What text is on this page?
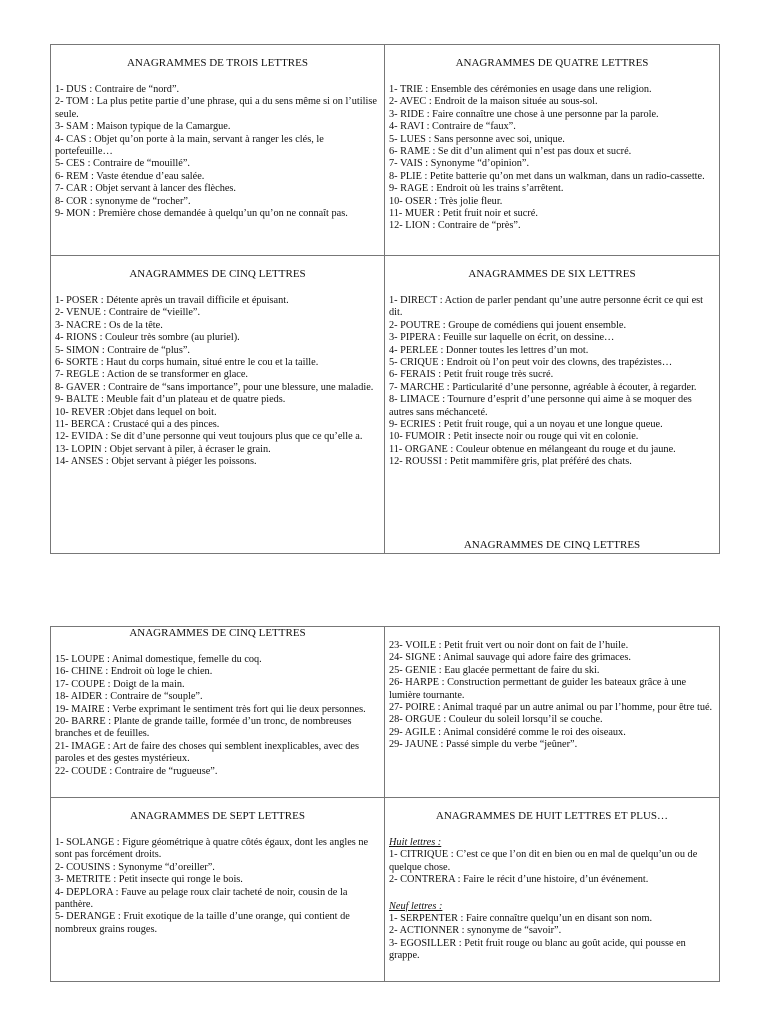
ANAGRAMMES DE TROIS LETTRES
1- DUS : Contraire de “nord”.
2- TOM : La plus petite partie d’une phrase, qui a du sens même si on l’utilise seule.
3- SAM : Maison typique de la Camargue.
4- CAS : Objet qu’on porte à la main, servant à ranger les clés, le portefeuille…
5- CES : Contraire de “mouillé”.
6- REM : Vaste étendue d’eau salée.
7- CAR : Objet servant à lancer des flèches.
8- COR : synonyme de “rocher”.
9- MON : Première chose demandée à quelqu’un qu’on ne connaît pas.
ANAGRAMMES DE QUATRE LETTRES
1- TRIE : Ensemble des cérémonies en usage dans une religion.
2- AVEC : Endroit de la maison située au sous-sol.
3- RIDE : Faire connaître une chose à une personne par la parole.
4- RAVI : Contraire de “faux”.
5- LUES : Sans personne avec soi, unique.
6- RAME : Se dit d’un aliment qui n’est pas doux et sucré.
7- VAIS : Synonyme “d’opinion”.
8- PLIE : Petite batterie qu’on met dans un walkman, dans un radio-cassette.
9- RAGE : Endroit où les trains s’arrêtent.
10- OSER : Très jolie fleur.
11- MUER : Petit fruit noir et sucré.
12- LION : Contraire de “près”.
ANAGRAMMES DE CINQ LETTRES
1- POSER : Détente après un travail difficile et épuisant.
2- VENUE : Contraire de “vieille”.
3- NACRE : Os de la tête.
4- RIONS : Couleur très sombre (au pluriel).
5- SIMON : Contraire de “plus”.
6- SORTE : Haut du corps humain, situé entre le cou et la taille.
7- REGLE : Action de se transformer en glace.
8- GAVER : Contraire de “sans importance”, pour une blessure, une maladie.
9- BALTE : Meuble fait d’un plateau et de quatre pieds.
10- REVER :Objet dans lequel on boit.
11- BERCA : Crustacé qui a des pinces.
12- EVIDA : Se dit d’une personne qui veut toujours plus que ce qu’elle a.
13- LOPIN : Objet servant à piler, à écraser le grain.
14- ANSES : Objet servant à piéger les poissons.
ANAGRAMMES DE SIX LETTRES
1- DIRECT : Action de parler pendant qu’une autre personne écrit ce qui est dit.
2- POUTRE : Groupe de comédiens qui jouent ensemble.
3- PIPERA : Feuille sur laquelle on écrit, on dessine…
4- PERLEE : Donner toutes les lettres d’un mot.
5- CRIQUE : Endroit où l’on peut voir des clowns, des trapézistes…
6- FERAIS : Petit fruit rouge très sucré.
7- MARCHE : Particularité d’une personne, agréable à écouter, à regarder.
8- LIMACE : Tournure d’esprit d’une personne qui aime à se moquer des autres sans méchanceté.
9- ECRIES : Petit fruit rouge, qui a un noyau et une longue queue.
10- FUMOIR : Petit insecte noir ou rouge qui vit en colonie.
11- ORGANE : Couleur obtenue en mélangeant du rouge et du jaune.
12- ROUSSI : Petit mammifère gris, plat préféré des chats.
ANAGRAMMES DE CINQ LETTRES
ANAGRAMMES DE CINQ LETTRES
15- LOUPE : Animal domestique, femelle du coq.
16- CHINE : Endroit où loge le chien.
17- COUPE : Doigt de la main.
18- AIDER : Contraire de “souple”.
19- MAIRE : Verbe exprimant le sentiment très fort qui lie deux personnes.
20- BARRE : Plante de grande taille, formée d’un tronc, de nombreuses branches et de feuilles.
21- IMAGE : Art de faire des choses qui semblent inexplicables, avec des paroles et des gestes mystérieux.
22- COUDE : Contraire de “rugueuse”.
23- VOILE : Petit fruit vert ou noir dont on fait de l’huile.
24- SIGNE : Animal sauvage qui adore faire des grimaces.
25- GENIE : Eau glacée permettant de faire du ski.
26- HARPE : Construction permettant de guider les bateaux grâce à une lumière tournante.
27- POIRE : Animal traqué par un autre animal ou par l’homme, pour être tué.
28- ORGUE : Couleur du soleil lorsqu’il se couche.
29- AGILE : Animal considéré comme le roi des oiseaux.
29- JAUNE : Passé simple du verbe “jeûner”.
ANAGRAMMES DE SEPT LETTRES
1- SOLANGE : Figure géométrique à quatre côtés égaux, dont les angles ne sont pas forcément droits.
2- COUSINS : Synonyme “d’oreiller”.
3- METRITE : Petit insecte qui ronge le bois.
4- DEPLORA : Fauve au pelage roux clair tacheté de noir, cousin de la panthère.
5- DERANGE : Fruit exotique de la taille d’une orange, qui contient de nombreux grains rouges.
ANAGRAMMES DE HUIT LETTRES ET PLUS…
Huit lettres :
1- CITRIQUE : C’est ce que l’on dit en bien ou en mal de quelqu’un ou de quelque chose.
2- CONTRERA : Faire le récit d’une histoire, d’un événement.
Neuf lettres :
1- SERPENTER : Faire connaître quelqu’un en disant son nom.
2- ACTIONNER : synonyme de “savoir”.
3- EGOSILLER : Petit fruit rouge ou blanc au goût acide, qui pousse en grappe.
